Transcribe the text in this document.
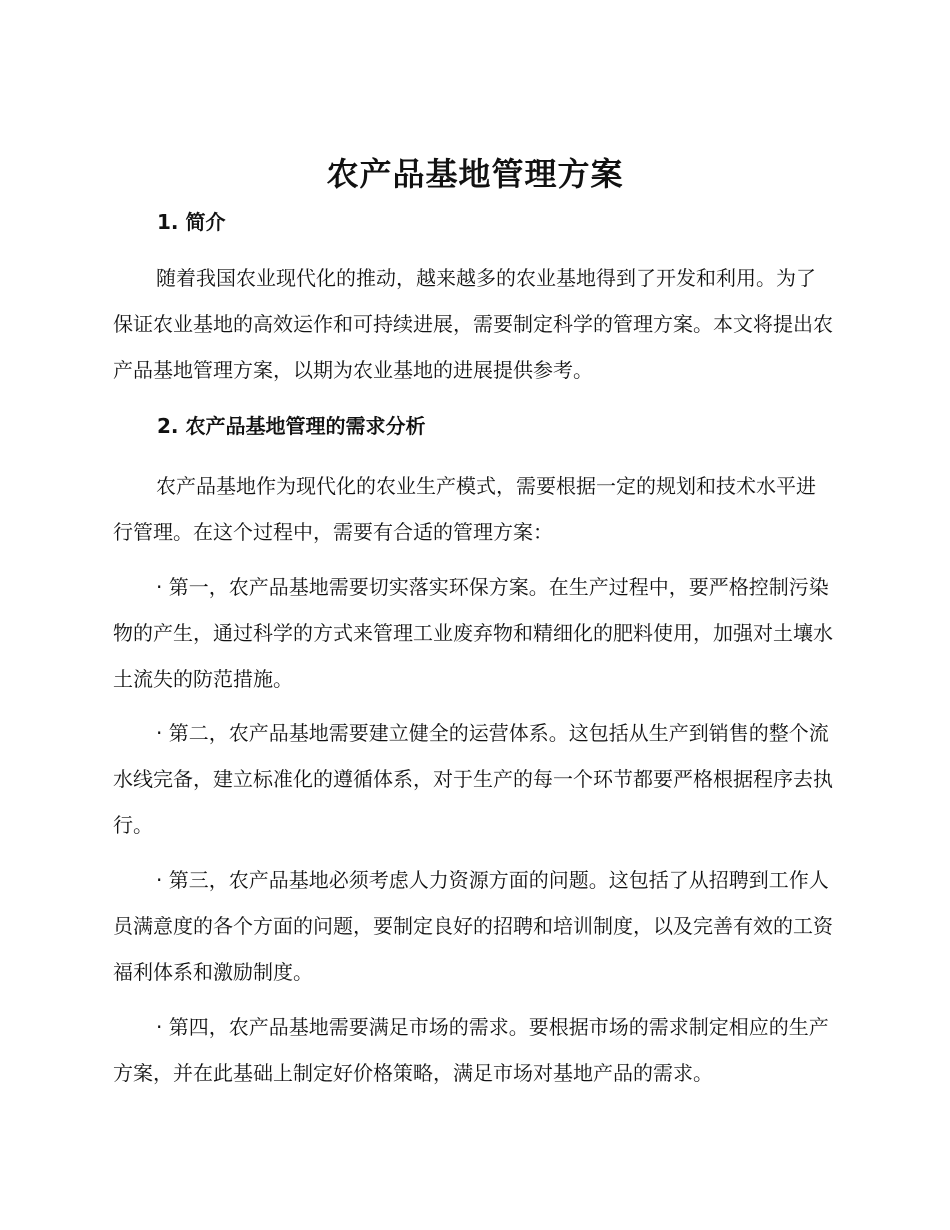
农产品基地管理方案
1. 简介

随着我国农业现代化的推动，越来越多的农业基地得到了开发和利用。为了保证农业基地的高效运作和可持续进展，需要制定科学的管理方案。本文将提出农产品基地管理方案，以期为农业基地的进展提供参考。

2. 农产品基地管理的需求分析

农产品基地作为现代化的农业生产模式，需要根据一定的规划和技术水平进行管理。在这个过程中，需要有合适的管理方案：

· 第一，农产品基地需要切实落实环保方案。在生产过程中，要严格控制污染物的产生，通过科学的方式来管理工业废弃物和精细化的肥料使用，加强对土壤水土流失的防范措施。

· 第二，农产品基地需要建立健全的运营体系。这包括从生产到销售的整个流水线完备，建立标准化的遵循体系，对于生产的每一个环节都要严格根据程序去执行。

· 第三，农产品基地必须考虑人力资源方面的问题。这包括了从招聘到工作人员满意度的各个方面的问题，要制定良好的招聘和培训制度，以及完善有效的工资福利体系和激励制度。

· 第四，农产品基地需要满足市场的需求。要根据市场的需求制定相应的生产方案，并在此基础上制定好价格策略，满足市场对基地产品的需求。
